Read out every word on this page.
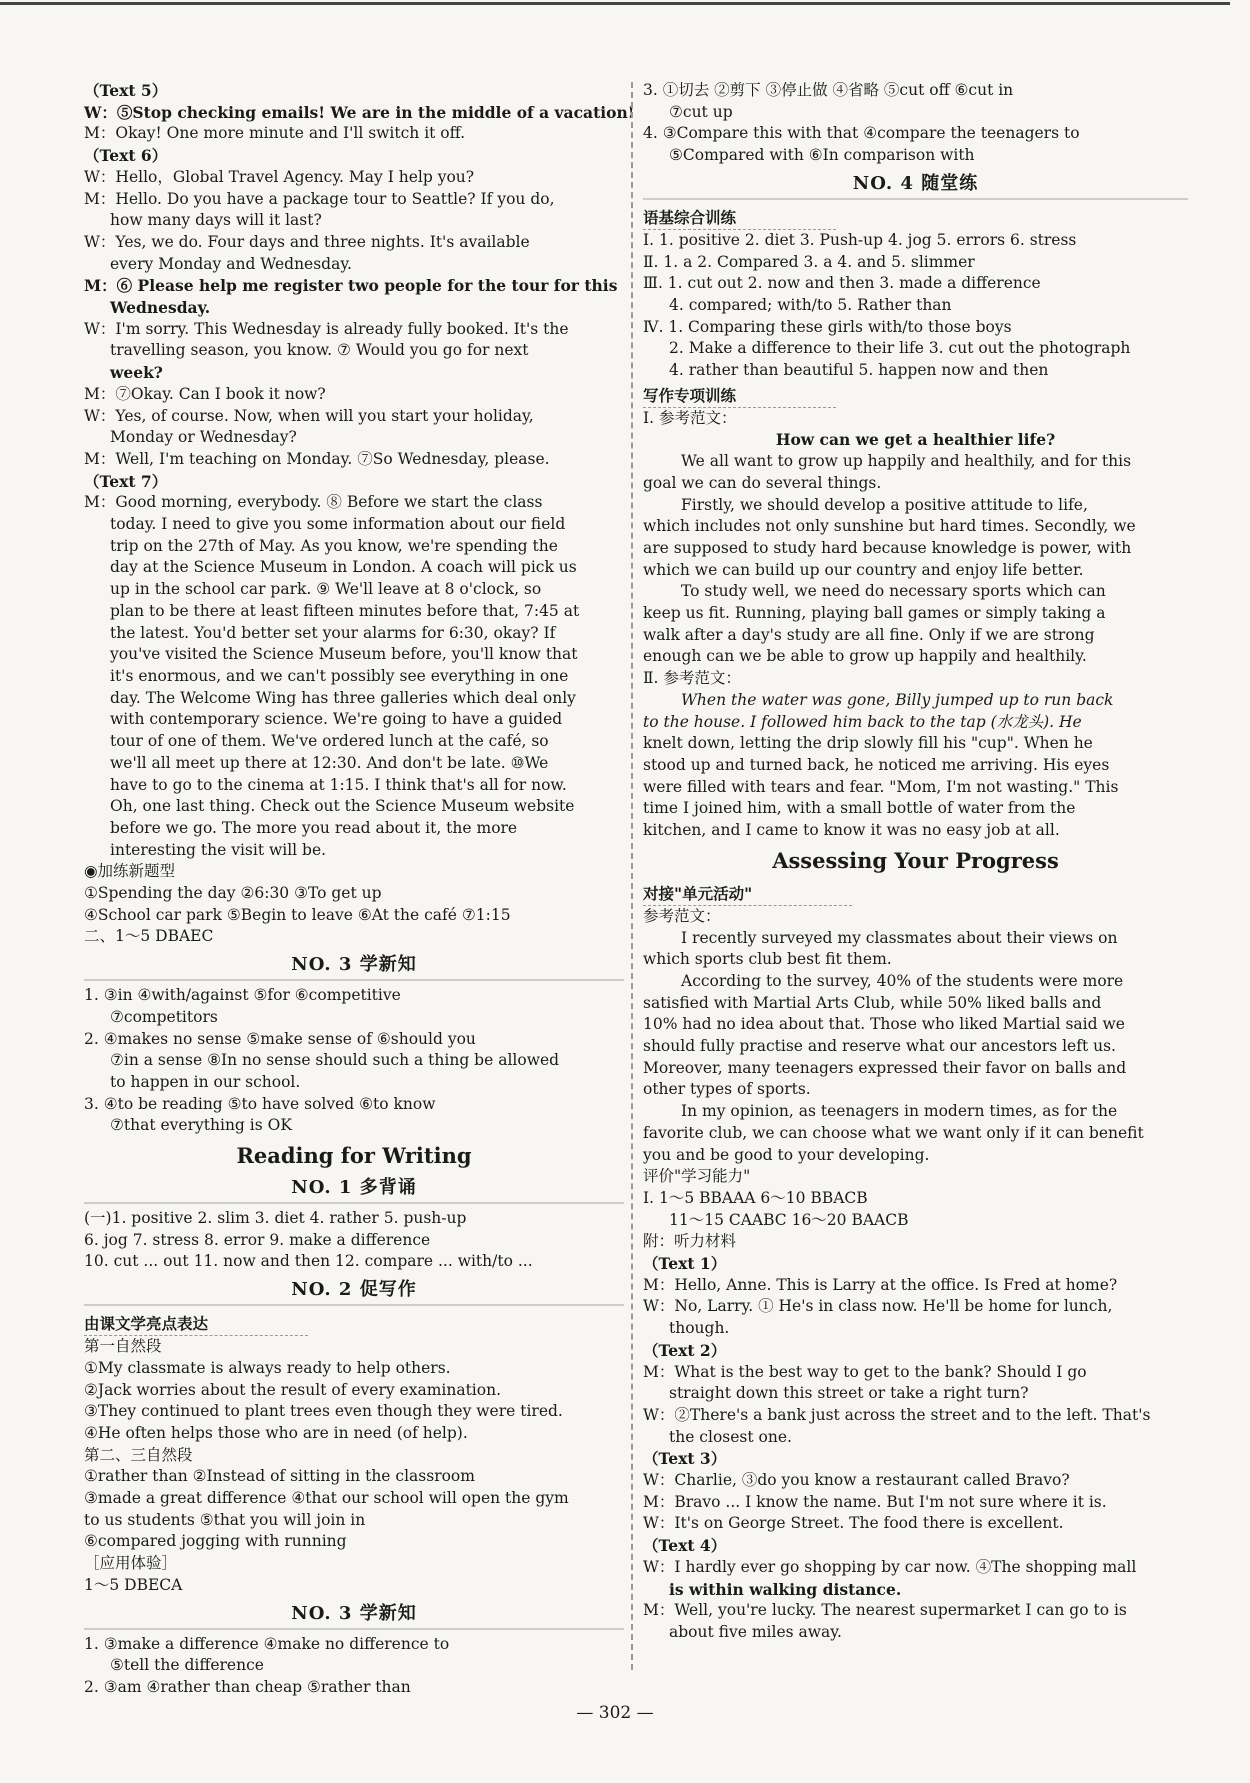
（Text 5）
W：⑤Stop checking emails! We are in the middle of a vacation!
M：Okay! One more minute and I'll switch it off.
（Text 6）
W：Hello，Global Travel Agency. May I help you?
M：Hello. Do you have a package tour to Seattle? If you do,
how many days will it last?
W：Yes, we do. Four days and three nights. It's available
every Monday and Wednesday.
M：⑥ Please help me register two people for the tour for this
Wednesday.
W：I'm sorry. This Wednesday is already fully booked. It's the
travelling season, you know. ⑦ Would you go for next
week?
M：⑦Okay. Can I book it now?
W：Yes, of course. Now, when will you start your holiday,
Monday or Wednesday?
M：Well, I'm teaching on Monday. ⑦So Wednesday, please.
（Text 7）
M：Good morning, everybody. ⑧ Before we start the class
today. I need to give you some information about our field
trip on the 27th of May. As you know, we're spending the
day at the Science Museum in London. A coach will pick us
up in the school car park. ⑨ We'll leave at 8 o'clock, so
plan to be there at least fifteen minutes before that, 7:45 at
the latest. You'd better set your alarms for 6:30, okay? If
you've visited the Science Museum before, you'll know that
it's enormous, and we can't possibly see everything in one
day. The Welcome Wing has three galleries which deal only
with contemporary science. We're going to have a guided
tour of one of them. We've ordered lunch at the café, so
we'll all meet up there at 12:30. And don't be late. ⑩We
have to go to the cinema at 1:15. I think that's all for now.
Oh, one last thing. Check out the Science Museum website
before we go. The more you read about it, the more
interesting the visit will be.
◉加练新题型
①Spending the day ②6:30 ③To get up
④School car park ⑤Begin to leave ⑥At the café ⑦1:15
二、1～5 DBAEC
NO. 3 学新知
1. ③in ④with/against ⑤for ⑥competitive
⑦competitors
2. ④makes no sense ⑤make sense of ⑥should you
⑦in a sense ⑧In no sense should such a thing be allowed
to happen in our school.
3. ④to be reading ⑤to have solved ⑥to know
⑦that everything is OK
Reading for Writing
NO. 1 多背诵
(一)1. positive 2. slim 3. diet 4. rather 5. push-up
6. jog 7. stress 8. error 9. make a difference
10. cut ... out 11. now and then 12. compare ... with/to ...
NO. 2 促写作
由课文学亮点表达
第一自然段
①My classmate is always ready to help others.
②Jack worries about the result of every examination.
③They continued to plant trees even though they were tired.
④He often helps those who are in need (of help).
第二、三自然段
①rather than ②Instead of sitting in the classroom
③made a great difference ④that our school will open the gym
to us students ⑤that you will join in
⑥compared jogging with running
［应用体验］
1～5 DBECA
NO. 3 学新知
1. ③make a difference ④make no difference to
⑤tell the difference
2. ③am ④rather than cheap ⑤rather than
3. ①切去 ②剪下 ③停止做 ④省略 ⑤cut off ⑥cut in
⑦cut up
4. ③Compare this with that ④compare the teenagers to
⑤Compared with ⑥In comparison with
NO. 4 随堂练
语基综合训练
Ⅰ. 1. positive 2. diet 3. Push-up 4. jog 5. errors 6. stress
Ⅱ. 1. a 2. Compared 3. a 4. and 5. slimmer
Ⅲ. 1. cut out 2. now and then 3. made a difference
4. compared; with/to 5. Rather than
Ⅳ. 1. Comparing these girls with/to those boys
2. Make a difference to their life 3. cut out the photograph
4. rather than beautiful 5. happen now and then
写作专项训练
Ⅰ. 参考范文：
How can we get a healthier life?
We all want to grow up happily and healthily, and for this
goal we can do several things.
Firstly, we should develop a positive attitude to life,
which includes not only sunshine but hard times. Secondly, we
are supposed to study hard because knowledge is power, with
which we can build up our country and enjoy life better.
To study well, we need do necessary sports which can
keep us fit. Running, playing ball games or simply taking a
walk after a day's study are all fine. Only if we are strong
enough can we be able to grow up happily and healthily.
Ⅱ. 参考范文：
When the water was gone, Billy jumped up to run back
to the house. I followed him back to the tap (水龙头). He
knelt down, letting the drip slowly fill his "cup". When he
stood up and turned back, he noticed me arriving. His eyes
were filled with tears and fear. "Mom, I'm not wasting." This
time I joined him, with a small bottle of water from the
kitchen, and I came to know it was no easy job at all.
Assessing Your Progress
对接"单元活动"
参考范文：
I recently surveyed my classmates about their views on
which sports club best fit them.
According to the survey, 40% of the students were more
satisfied with Martial Arts Club, while 50% liked balls and
10% had no idea about that. Those who liked Martial said we
should fully practise and reserve what our ancestors left us.
Moreover, many teenagers expressed their favor on balls and
other types of sports.
In my opinion, as teenagers in modern times, as for the
favorite club, we can choose what we want only if it can benefit
you and be good to your developing.
评价"学习能力"
Ⅰ. 1～5 BBAAA 6～10 BBACB
11～15 CAABC 16～20 BAACB
附：听力材料
（Text 1）
M：Hello, Anne. This is Larry at the office. Is Fred at home?
W：No, Larry. ① He's in class now. He'll be home for lunch,
though.
（Text 2）
M：What is the best way to get to the bank? Should I go
straight down this street or take a right turn?
W：②There's a bank just across the street and to the left. That's
the closest one.
（Text 3）
W：Charlie, ③do you know a restaurant called Bravo?
M：Bravo ... I know the name. But I'm not sure where it is.
W：It's on George Street. The food there is excellent.
（Text 4）
W：I hardly ever go shopping by car now. ④The shopping mall
is within walking distance.
M：Well, you're lucky. The nearest supermarket I can go to is
about five miles away.
— 302 —
